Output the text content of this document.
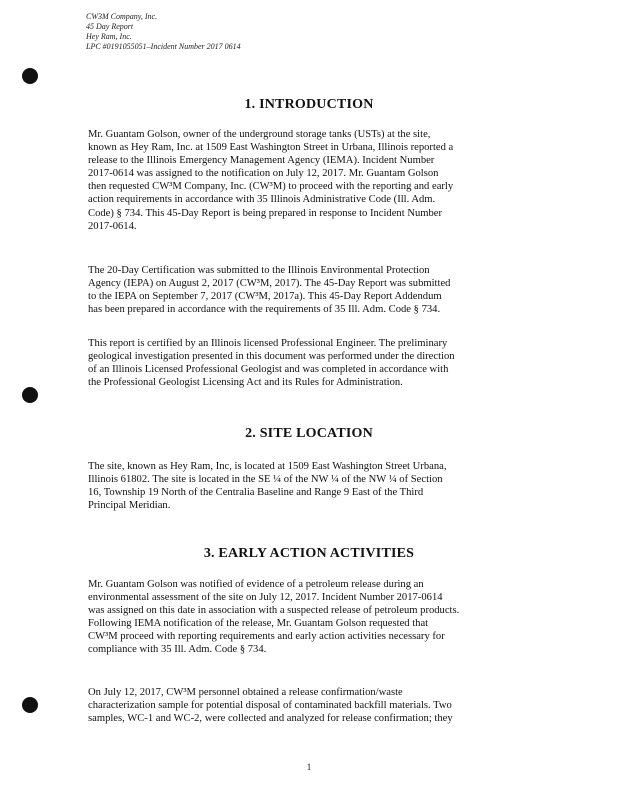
CW3M Company, Inc.
45 Day Report
Hey Ram, Inc.
LPC #0191055051–Incident Number 2017 0614
1. INTRODUCTION
Mr. Guantam Golson, owner of the underground storage tanks (USTs) at the site,
known as Hey Ram, Inc. at 1509 East Washington Street in Urbana, Illinois reported a
release to the Illinois Emergency Management Agency (IEMA). Incident Number
2017-0614 was assigned to the notification on July 12, 2017. Mr. Guantam Golson
then requested CW³M Company, Inc. (CW³M) to proceed with the reporting and early
action requirements in accordance with 35 Illinois Administrative Code (Ill. Adm.
Code) § 734. This 45-Day Report is being prepared in response to Incident Number
2017-0614.
The 20-Day Certification was submitted to the Illinois Environmental Protection
Agency (IEPA) on August 2, 2017 (CW³M, 2017). The 45-Day Report was submitted
to the IEPA on September 7, 2017 (CW³M, 2017a). This 45-Day Report Addendum
has been prepared in accordance with the requirements of 35 Ill. Adm. Code § 734.
This report is certified by an Illinois licensed Professional Engineer. The preliminary
geological investigation presented in this document was performed under the direction
of an Illinois Licensed Professional Geologist and was completed in accordance with
the Professional Geologist Licensing Act and its Rules for Administration.
2. SITE LOCATION
The site, known as Hey Ram, Inc, is located at 1509 East Washington Street Urbana,
Illinois 61802. The site is located in the SE ¼ of the NW ¼ of the NW ¼ of Section
16, Township 19 North of the Centralia Baseline and Range 9 East of the Third
Principal Meridian.
3. EARLY ACTION ACTIVITIES
Mr. Guantam Golson was notified of evidence of a petroleum release during an
environmental assessment of the site on July 12, 2017. Incident Number 2017-0614
was assigned on this date in association with a suspected release of petroleum products.
Following IEMA notification of the release, Mr. Guantam Golson requested that
CW³M proceed with reporting requirements and early action activities necessary for
compliance with 35 Ill. Adm. Code § 734.
On July 12, 2017, CW³M personnel obtained a release confirmation/waste
characterization sample for potential disposal of contaminated backfill materials. Two
samples, WC-1 and WC-2, were collected and analyzed for release confirmation; they
1
